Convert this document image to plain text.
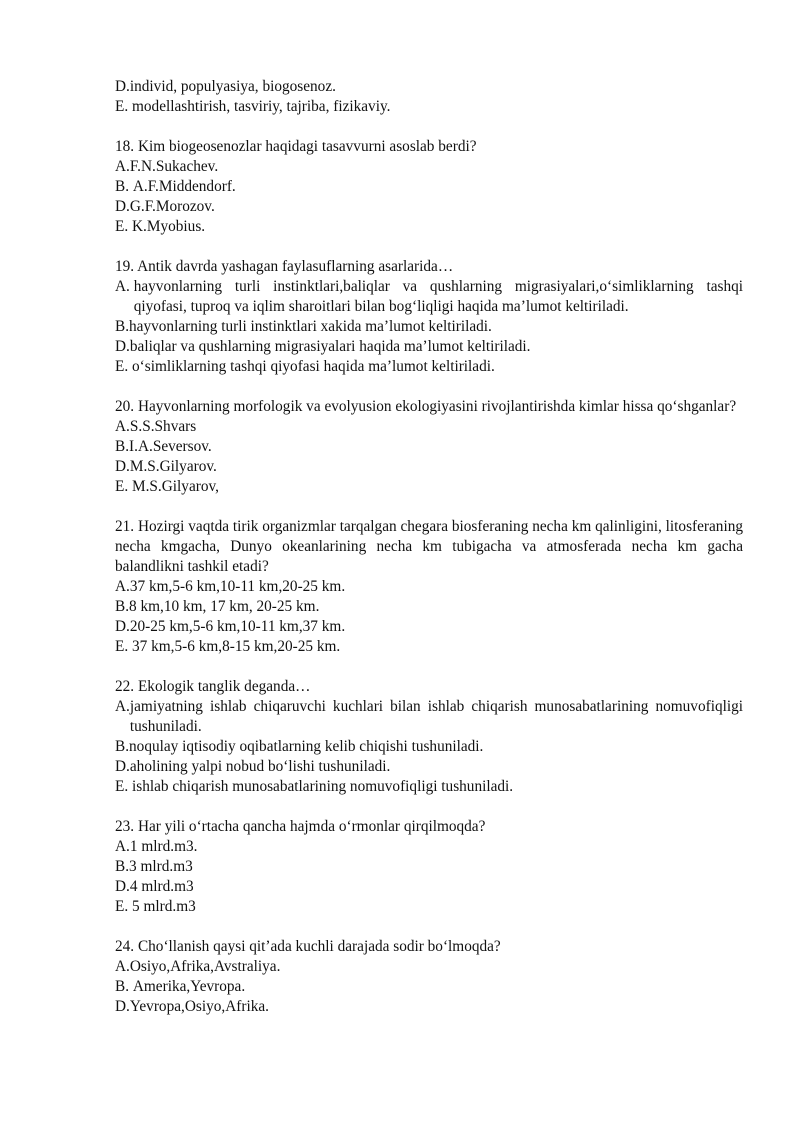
D. individ, populyasiya, biogosenoz.
E. modellashtirish, tasviriy, tajriba, fizikaviy.
18. Kim biogeosenozlar haqidagi tasavvurni asoslab berdi?
A. F.N.Sukachev.
B. A.F.Middendorf.
D. G.F.Morozov.
E. K.Myobius.
19. Antik davrda yashagan faylasuflarning asarlarida…
A. hayvonlarning turli instinktlari,baliqlar va qushlarning migrasiyalari,o‘simliklarning tashqi qiyofasi, tuproq va iqlim sharoitlari bilan bog‘liqligi haqida ma’lumot keltiriladi.
B. hayvonlarning turli instinktlari xakida ma’lumot keltiriladi.
D. baliqlar va qushlarning migrasiyalari haqida ma’lumot keltiriladi.
E. o‘simliklarning tashqi qiyofasi haqida ma’lumot keltiriladi.
20. Hayvonlarning morfologik va evolyusion ekologiyasini rivojlantirishda kimlar hissa qo‘shganlar?
A. S.S.Shvars
B. I.A.Seversov.
D. M.S.Gilyarov.
E. M.S.Gilyarov,
21. Hozirgi vaqtda tirik organizmlar tarqalgan chegara biosferaning necha km qalinligini, litosferaning necha kmgacha, Dunyo okeanlarining necha km tubigacha va atmosferada necha km gacha balandlikni tashkil etadi?
A. 37 km,5-6 km,10-11 km,20-25 km.
B. 8 km,10 km, 17 km, 20-25 km.
D. 20-25 km,5-6 km,10-11 km,37 km.
E. 37 km,5-6 km,8-15 km,20-25 km.
22. Ekologik tanglik deganda…
A. jamiyatning ishlab chiqaruvchi kuchlari bilan ishlab chiqarish munosabatlarining nomuvofiqligi tushuniladi.
B. noqulay iqtisodiy oqibatlarning kelib chiqishi tushuniladi.
D. aholining yalpi nobud bo‘lishi tushuniladi.
E. ishlab chiqarish munosabatlarining nomuvofiqligi tushuniladi.
23. Har yili o‘rtacha qancha hajmda o‘rmonlar qirqilmoqda?
A. 1 mlrd.m3.
B. 3 mlrd.m3
D. 4 mlrd.m3
E. 5 mlrd.m3
24. Cho‘llanish qaysi qit’ada kuchli darajada sodir bo‘lmoqda?
A. Osiyo,Afrika,Avstraliya.
B. Amerika,Yevropa.
D. Yevropa,Osiyo,Afrika.
